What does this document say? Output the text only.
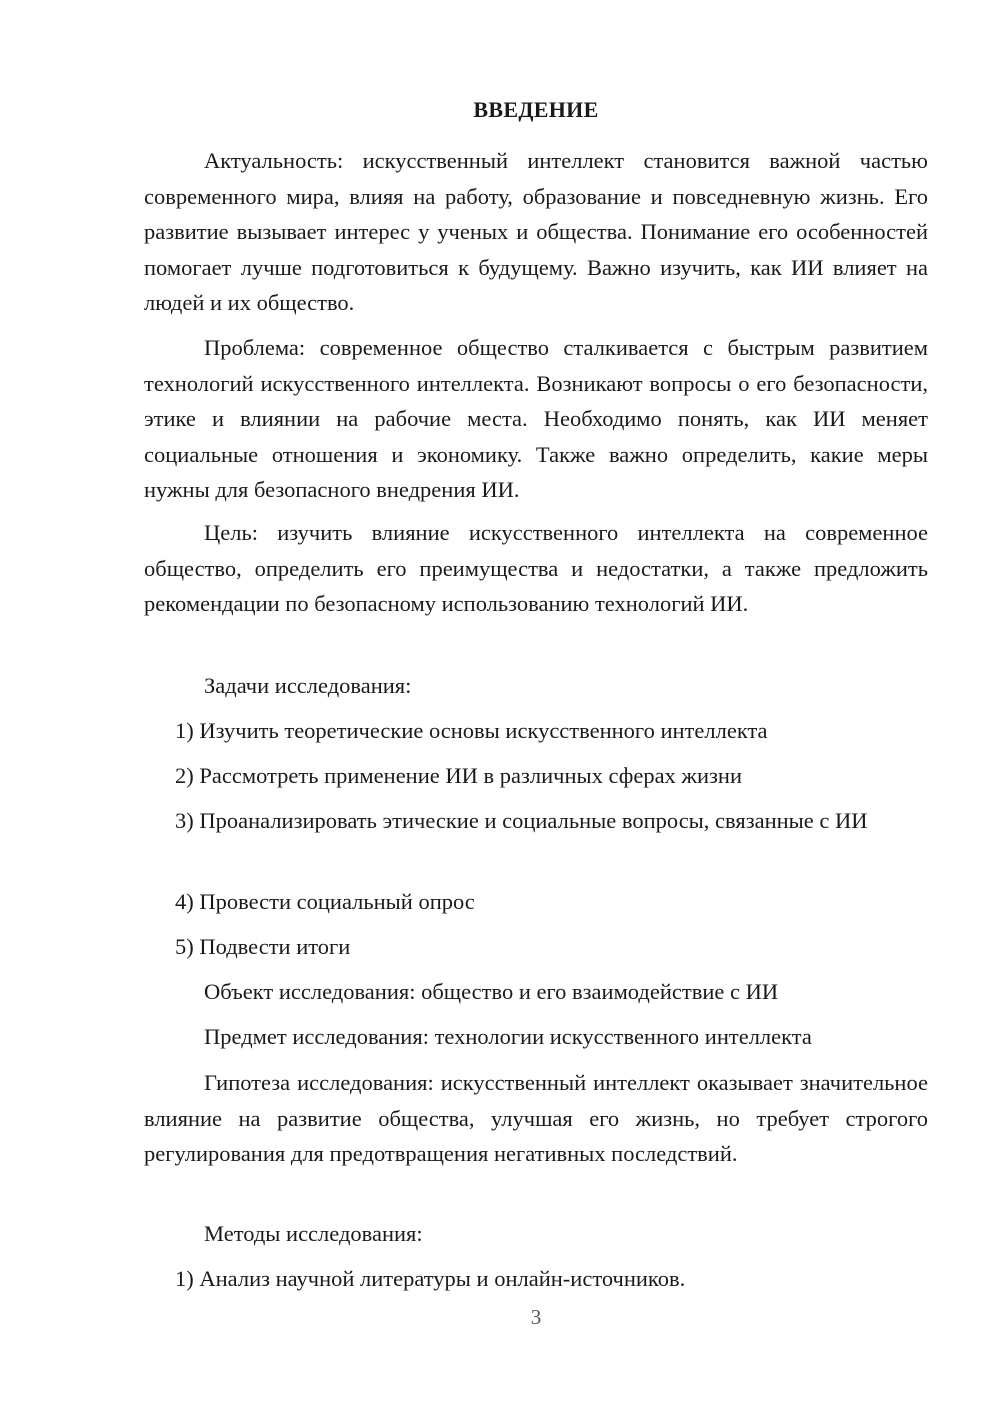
ВВЕДЕНИЕ
Актуальность: искусственный интеллект становится важной частью современного мира, влияя на работу, образование и повседневную жизнь. Его развитие вызывает интерес у ученых и общества. Понимание его особенностей помогает лучше подготовиться к будущему. Важно изучить, как ИИ влияет на людей и их общество.
Проблема: современное общество сталкивается с быстрым развитием технологий искусственного интеллекта. Возникают вопросы о его безопасности, этике и влиянии на рабочие места. Необходимо понять, как ИИ меняет социальные отношения и экономику. Также важно определить, какие меры нужны для безопасного внедрения ИИ.
Цель: изучить влияние искусственного интеллекта на современное общество, определить его преимущества и недостатки, а также предложить рекомендации по безопасному использованию технологий ИИ.
Задачи исследования:
1) Изучить теоретические основы искусственного интеллекта
2) Рассмотреть применение ИИ в различных сферах жизни
3) Проанализировать этические и социальные вопросы, связанные с ИИ
4) Провести социальный опрос
5) Подвести итоги
Объект исследования: общество и его взаимодействие с ИИ
Предмет исследования: технологии искусственного интеллекта
Гипотеза исследования: искусственный интеллект оказывает значительное влияние на развитие общества, улучшая его жизнь, но требует строгого регулирования для предотвращения негативных последствий.
Методы исследования:
1) Анализ научной литературы и онлайн-источников.
3
